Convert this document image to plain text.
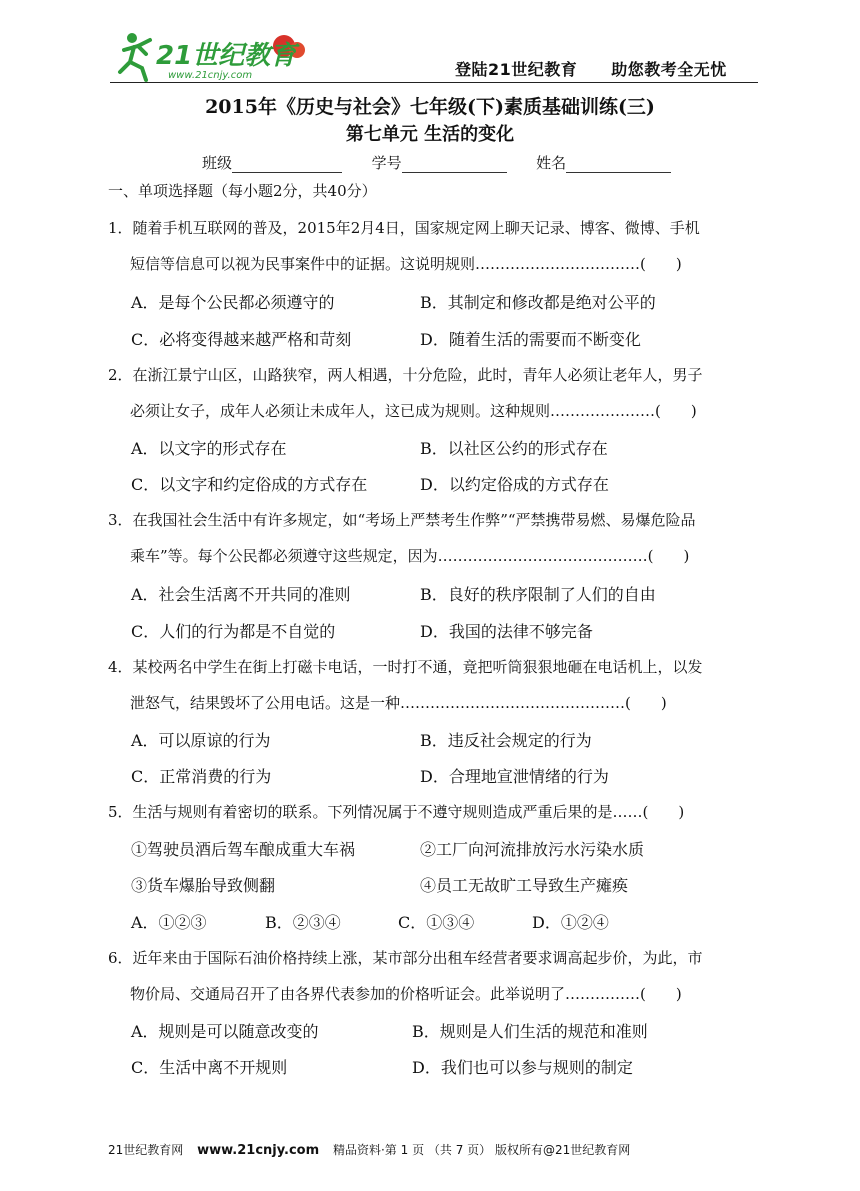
21世纪教育
www.21cnjy.com	登陆21世纪教育 助您教考全无忧
2015年《历史与社会》七年级(下)素质基础训练(三)
第七单元 生活的变化
班级	学号	姓名
一、单项选择题（每小题2分，共40分）
1．随着手机互联网的普及，2015年2月4日，国家规定网上聊天记录、博客、微博、手机
短信等信息可以视为民事案件中的证据。这说明规则……………………………(　　)
A．是每个公民都必须遵守的	B．其制定和修改都是绝对公平的
C．必将变得越来越严格和苛刻	D．随着生活的需要而不断变化
2．在浙江景宁山区，山路狭窄，两人相遇，十分危险，此时，青年人必须让老年人，男子
必须让女子，成年人必须让未成年人，这已成为规则。这种规则…………………(　　)
A．以文字的形式存在	B．以社区公约的形式存在
C．以文字和约定俗成的方式存在	D．以约定俗成的方式存在
3．在我国社会生活中有许多规定，如“考场上严禁考生作弊”“严禁携带易燃、易爆危险品
乘车”等。每个公民都必须遵守这些规定，因为……………………………………(　　)
A．社会生活离不开共同的准则	B．良好的秩序限制了人们的自由
C．人们的行为都是不自觉的	D．我国的法律不够完备
4．某校两名中学生在街上打磁卡电话，一时打不通，竟把听筒狠狠地砸在电话机上，以发
泄怒气，结果毁坏了公用电话。这是一种………………………………………(　　)
A．可以原谅的行为	B．违反社会规定的行为
C．正常消费的行为	D．合理地宣泄情绪的行为
5．生活与规则有着密切的联系。下列情况属于不遵守规则造成严重后果的是……(　　)
①驾驶员酒后驾车酿成重大车祸	②工厂向河流排放污水污染水质
③货车爆胎导致侧翻	④员工无故旷工导致生产瘫痪
A．①②③	B．②③④	C．①③④	D．①②④
6．近年来由于国际石油价格持续上涨，某市部分出租车经营者要求调高起步价，为此，市
物价局、交通局召开了由各界代表参加的价格听证会。此举说明了……………(　　)
A．规则是可以随意改变的	B．规则是人们生活的规范和准则
C．生活中离不开规则	D．我们也可以参与规则的制定
21世纪教育网 www.21cnjy.com 精品资料·第 1 页 （共 7 页） 版权所有@21世纪教育网
